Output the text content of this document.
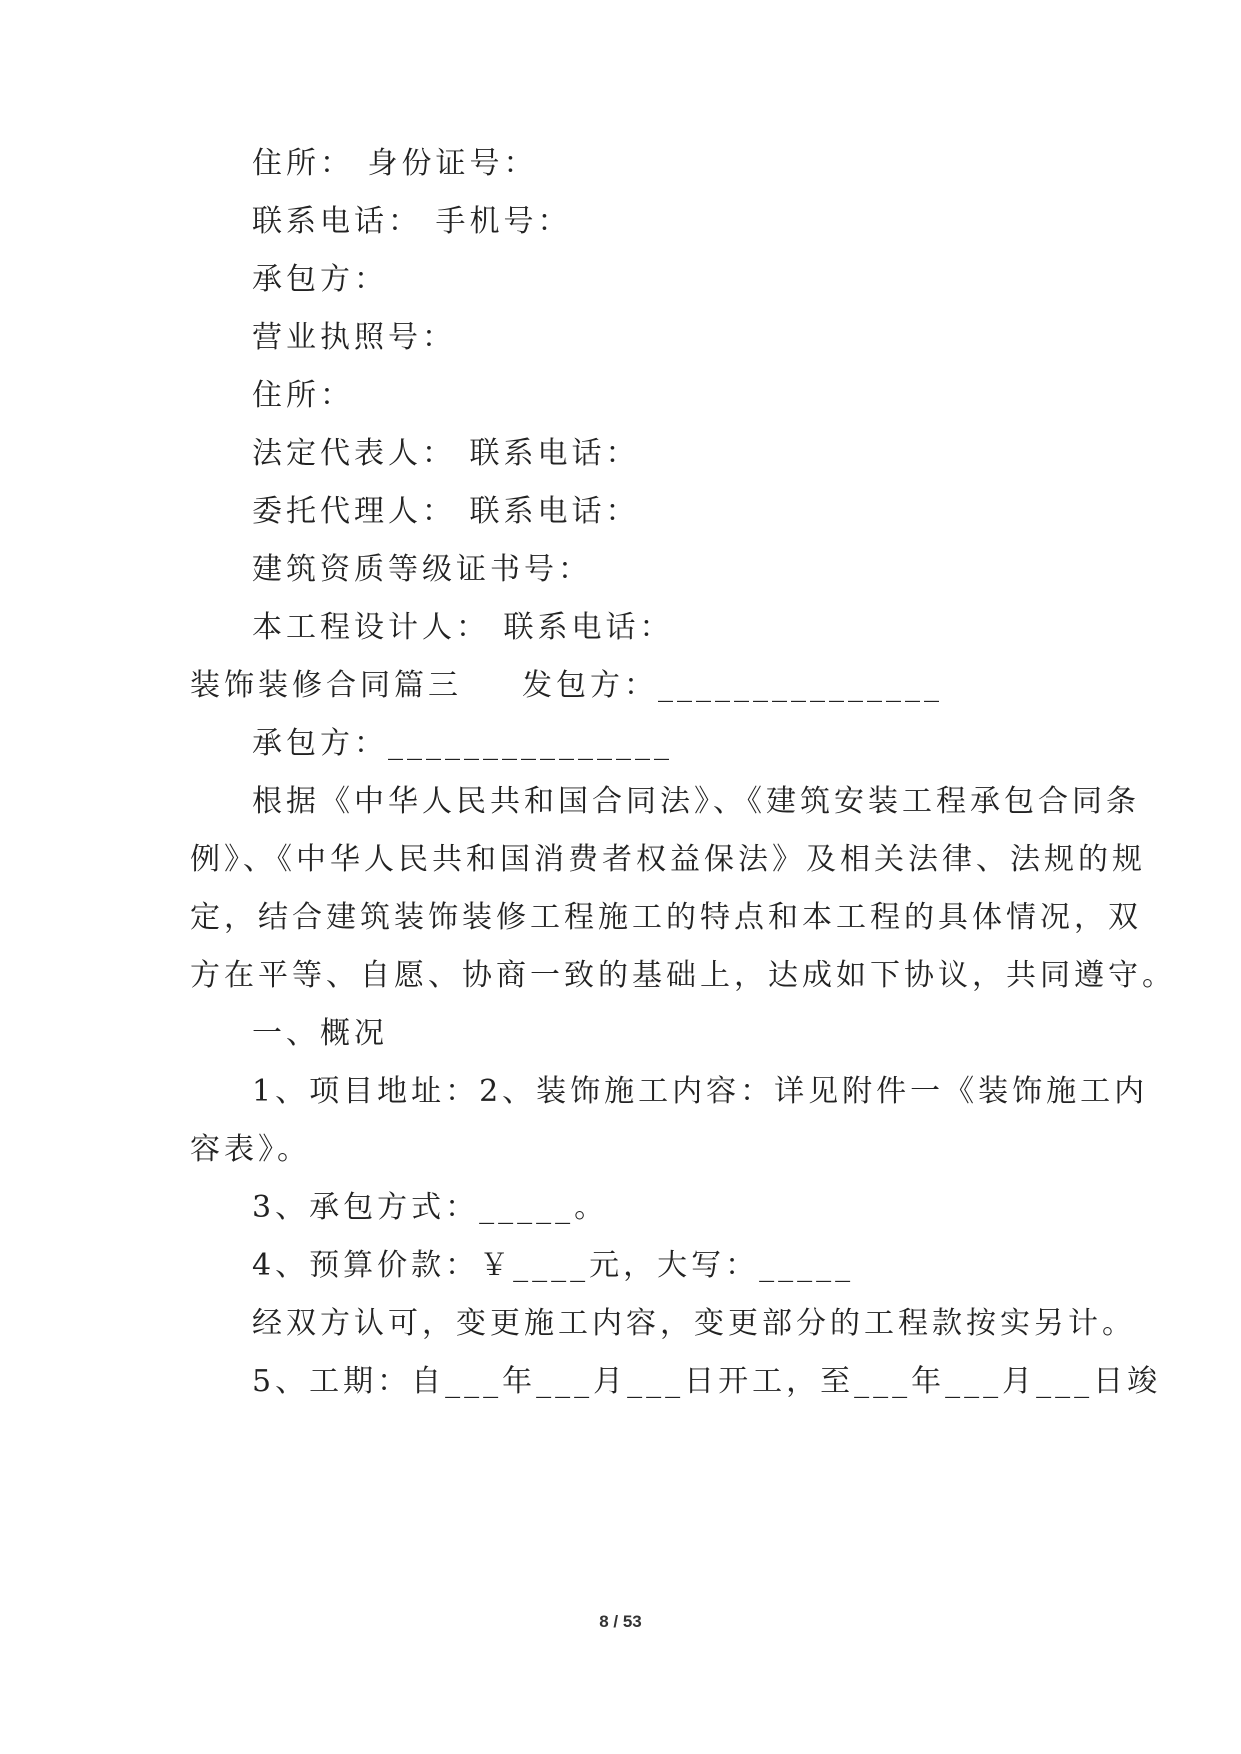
住所： 身份证号：
联系电话： 手机号：
承包方：
营业执照号：
住所：
法定代表人： 联系电话：
委托代理人： 联系电话：
建筑资质等级证书号：
本工程设计人： 联系电话：
装饰装修合同篇三 发包方：_______________
承包方：_______________
根据《中华人民共和国合同法》、《建筑安装工程承包合同条
例》、《中华人民共和国消费者权益保法》及相关法律、法规的规
定，结合建筑装饰装修工程施工的特点和本工程的具体情况，双
方在平等、自愿、协商一致的基础上，达成如下协议，共同遵守。
一、概况
1、项目地址：2、装饰施工内容：详见附件一《装饰施工内
容表》。
3、承包方式：_____。
4、预算价款：￥____元，大写：_____
经双方认可，变更施工内容，变更部分的工程款按实另计。
5、工期：自___年___月___日开工，至___年___月___日竣
8 / 53
